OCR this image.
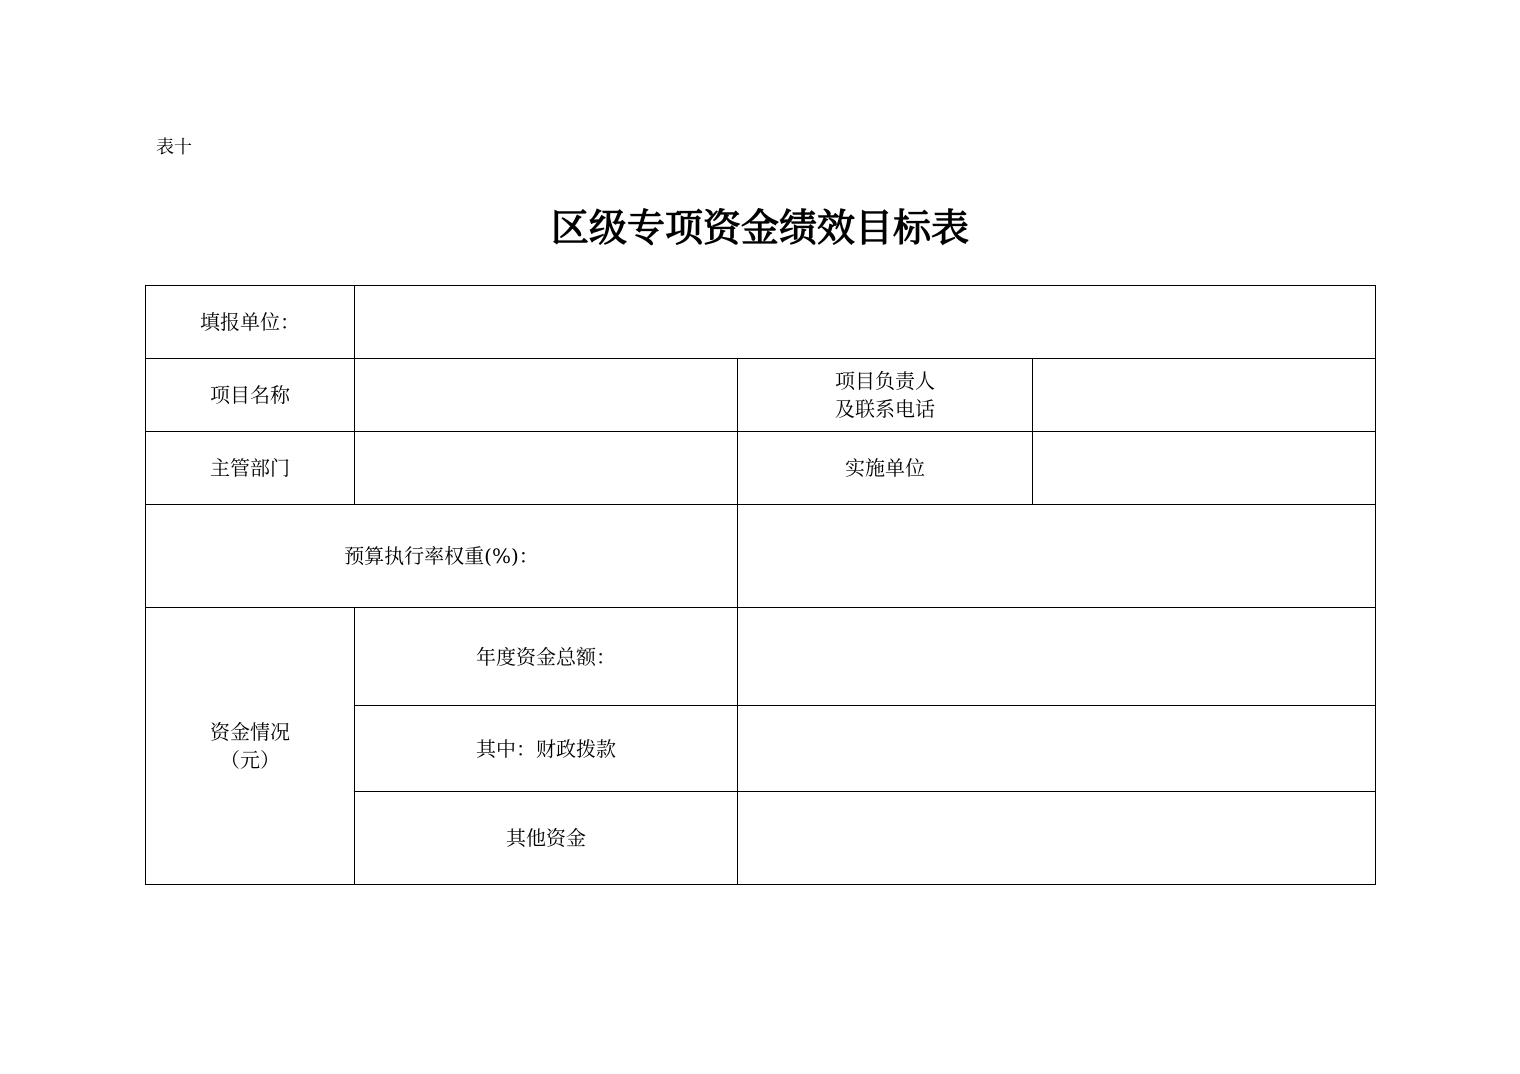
表十
区级专项资金绩效目标表
填报单位：			
项目名称		项目负责人
及联系电话	

主管部门		实施单位	
预算执行率权重(%)：			

资金情况
（元）	年度资金总额：		
	其中：财政拨款		
	其他资金		
